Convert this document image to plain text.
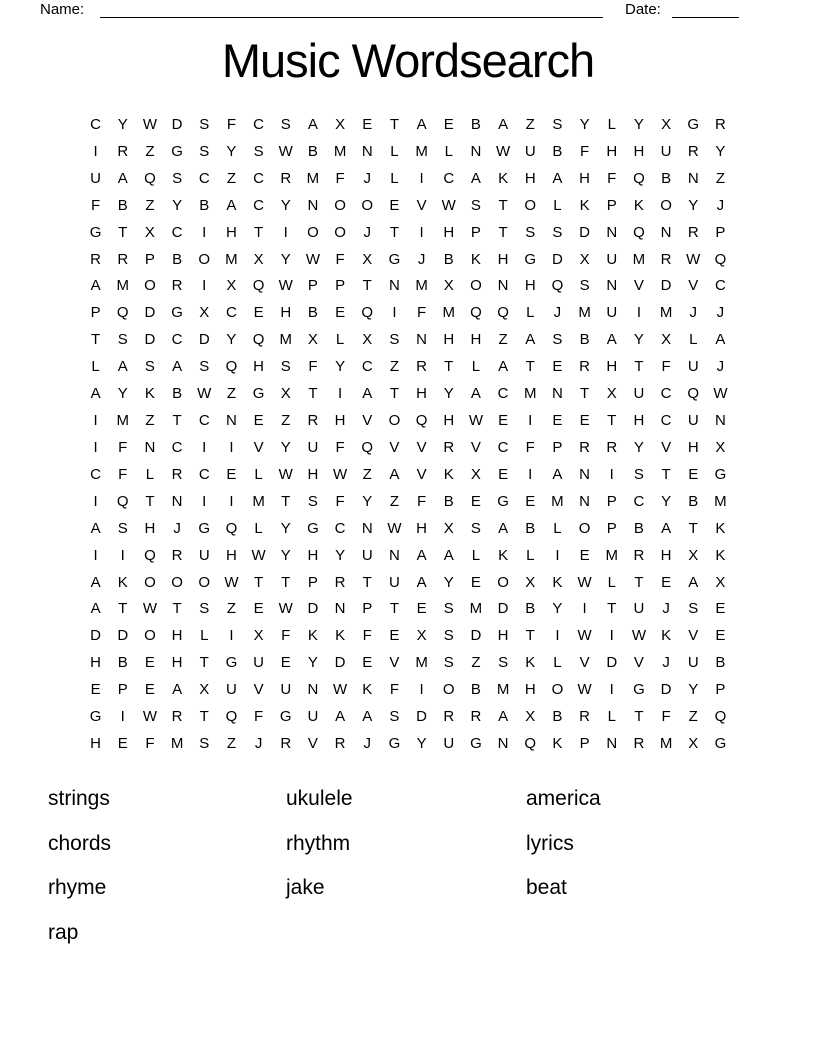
Name:	Date:
Music Wordsearch
C	Y	W D	S	F	C	S	A	X	E	T	A	E	B	A	Z	S	Y	L	Y	X	G	R
I	R	Z	G	S	Y	S	W	B	M	N	L	M	L	N W U	B	F	H	H	U	R	Y
U	A	Q	S	C	Z	C	R	M	F	J	L	I	C	A	K	H	A	H	F	Q	B	N	Z
F	B	Z	Y	B	A	C	Y	N	O	O	E	V	W	S	T	O	L	K	P	K	O	Y	J
G	T	X	C	I	H	T	I	O	O	J	T	I	H	P	T	S	S	D	N	Q	N	R	P
R	R	P	B	O	M	X	Y	W	F	X	G	J	B	K	H	G	D	X	U	M	R W Q
A	M	O	R	I	X	Q W	P	P	T	N	M	X	O	N	H	Q	S	N	V	D	V	C
P	Q	D	G	X	C	E	H	B	E	Q	I	F	M	Q	Q	L	J	M	U	I	M	J	J
T	S	D	C	D	Y	Q	M	X	L	X	S	N	H	H	Z	A	S	B	A	Y	X	L	A
L	A	S	A	S	Q	H	S	F	Y	C	Z	R	T	L	A	T	E	R	H	T	F	U	J
A	Y	K	B	W	Z	G	X	T	I	A	T	H	Y	A	C	M	N	T	X	U	C	Q W
I	M	Z	T	C	N	E	Z	R	H	V	O	Q	H W	E	I	E	E	T	H	C	U	N
I	F	N	C	I	I	V	Y	U	F	Q	V	V	R	V	C	F	P	R	R	Y	V	H	X
C	F	L	R	C	E	L	W H W	Z	A	V	K	X	E	I	A	N	I	S	T	E	G
I	Q	T	N	I	I	M	T	S	F	Y	Z	F	B	E	G	E	M	N	P	C	Y	B	M
A	S	H	J	G	Q	L	Y	G	C	N W H	X	S	A	B	L	O	P	B	A	T	K
I	I	Q	R	U	H W	Y	H	Y	U	N	A	A	L	K	L	I	E	M	R	H	X	K
A	K	O	O	O W	T	T	P	R	T	U	A	Y	E	O	X	K	W	L	T	E	A	X
A	T	W	T	S	Z	E	W D	N	P	T	E	S	M	D	B	Y	I	T	U	J	S	E
D	D	O	H	L	I	X	F	K	K	F	E	X	S	D	H	T	I	W	I	W	K	V	E
H	B	E	H	T	G	U	E	Y	D	E	V	M	S	Z	S	K	L	V	D	V	J	U	B
E	P	E	A	X	U	V	U	N W	K	F	I	O	B	M	H	O W	I	G	D	Y	P
G	I	W R	T	Q	F	G	U	A	A	S	D	R	R	A	X	B	R	L	T	F	Z	Q
H	E	F	M	S	Z	J	R	V	R	J	G	Y	U	G	N	Q	K	P	N	R	M	X	G
strings
chords
rhyme
rap
ukulele
rhythm
jake
america
lyrics
beat
